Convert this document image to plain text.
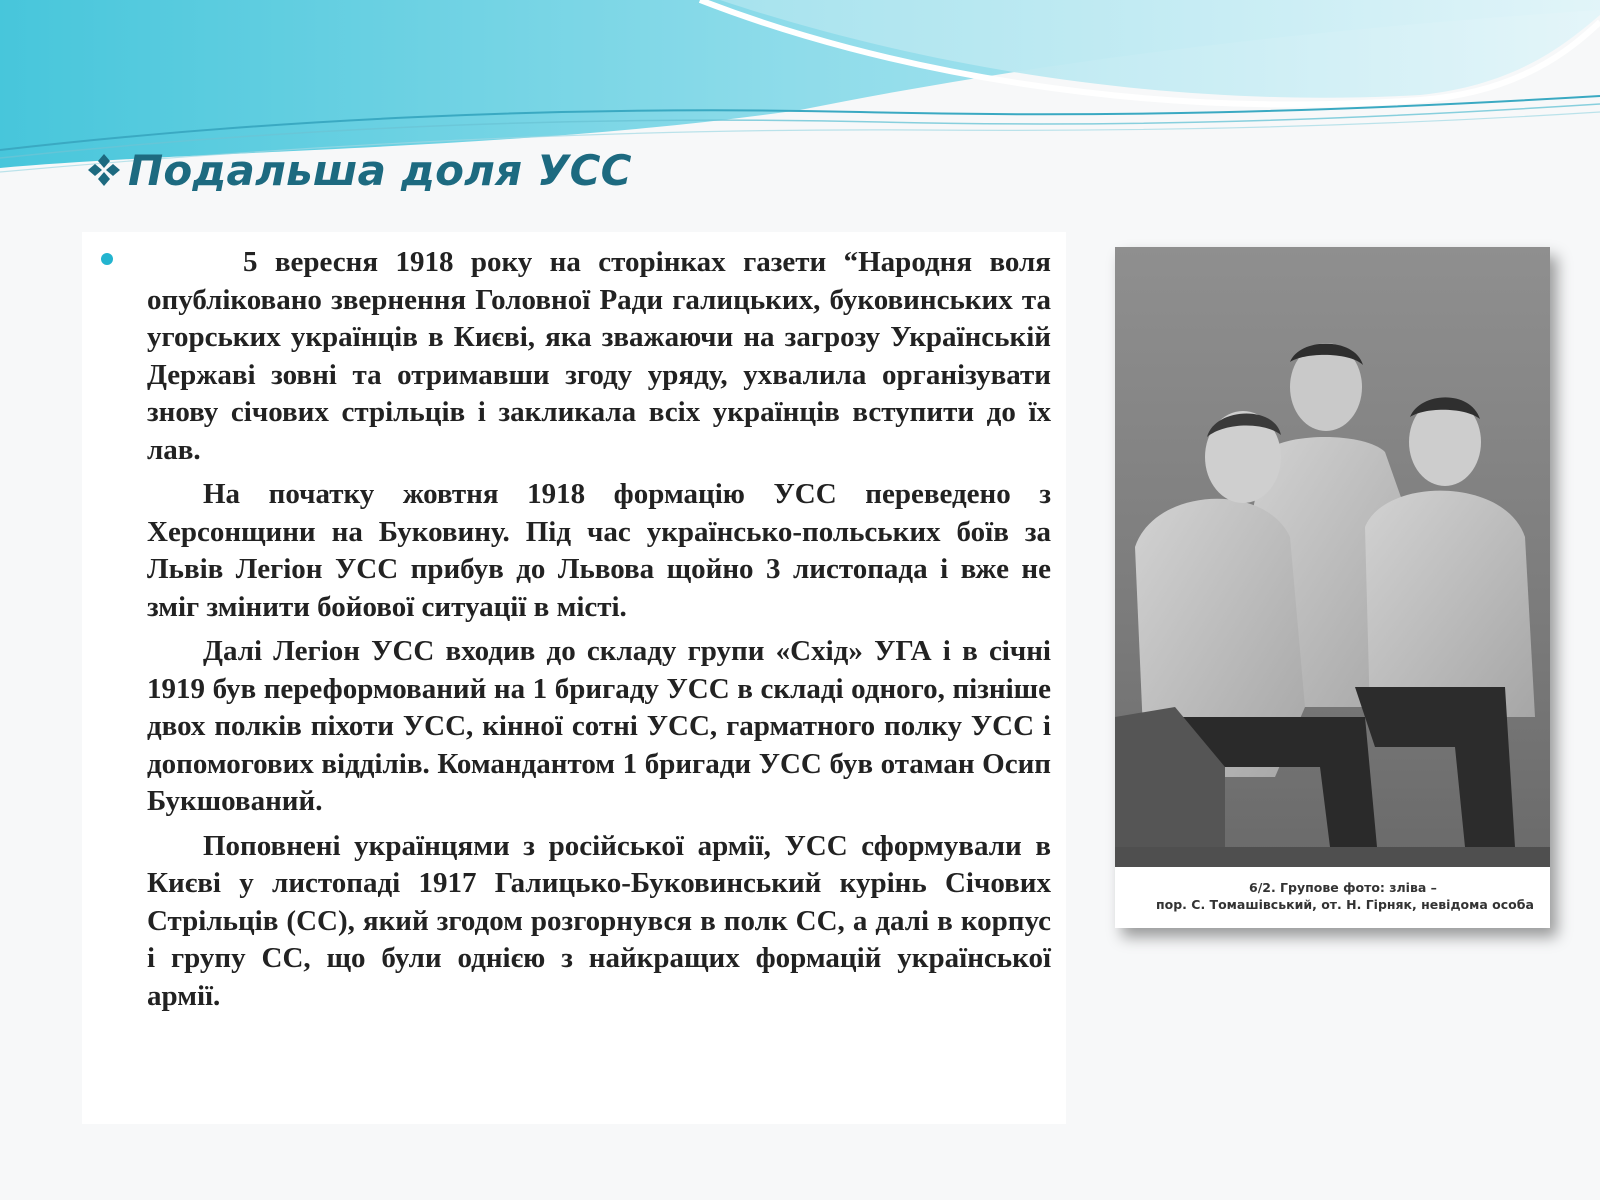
Подальша доля УСС

5 вересня 1918 року на сторінках газети “Народня воля опубліковано звернення Головної Ради галицьких, буковинських та угорських українців в Києві, яка зважаючи на загрозу Українській Державі зовні та отримавши згоду уряду, ухвалила організувати знову січових стрільців і закликала всіх українців вступити до їх лав.

На початку жовтня 1918 формацію УСС переведено з Херсонщини на Буковину. Під час українсько-польських боїв за Львів Легіон УСС прибув до Львова щойно 3 листопада і вже не зміг змінити бойової ситуації в місті.

Далі Легіон УСС входив до складу групи «Схід» УГА і в січні 1919 був переформований на 1 бригаду УСС в складі одного, пізніше двох полків піхоти УСС, кінної сотні УСС, гарматного полку УСС і допомогових відділів. Командантом 1 бригади УСС був отаман Осип Букшований.

Поповнені українцями з російської армії, УСС сформували в Києві у листопаді 1917 Галицько-Буковинський курінь Січових Стрільців (СС), який згодом розгорнувся в полк СС, а далі в корпус і групу СС, що були однією з найкращих формацій української армії.

6/2. Групове фото: зліва –
пор. С. Томашівський, от. Н. Гірняк, невідома особа
